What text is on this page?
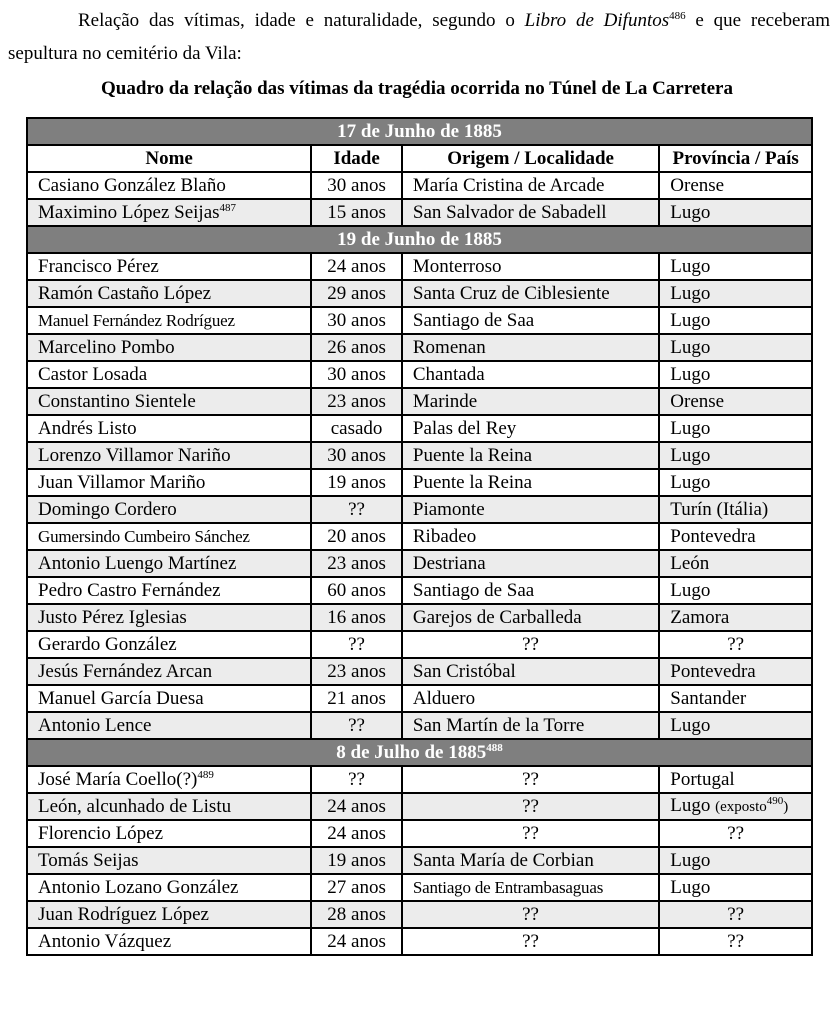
Relação das vítimas, idade e naturalidade, segundo o Libro de Difuntos$^{486}$ e que receberam sepultura no cemitério da Vila:
Quadro da relação das vítimas da tragédia ocorrida no Túnel de La Carretera
17 de Junho de 1885			
Nome	Idade	Origem / Localidade	Província / País
Casiano González Blaño	30 anos	María Cristina de Arcade	Orense
Maximino López Seijas$^{487}$	15 anos	San Salvador de Sabadell	Lugo
19 de Junho de 1885			
Francisco Pérez	24 anos	Monterroso	Lugo
Ramón Castaño López	29 anos	Santa Cruz de Ciblesiente	Lugo
Manuel Fernández Rodríguez	30 anos	Santiago de Saa	Lugo
Marcelino Pombo	26 anos	Romenan	Lugo
Castor Losada	30 anos	Chantada	Lugo
Constantino Sientele	23 anos	Marinde	Orense
Andrés Listo	casado	Palas del Rey	Lugo
Lorenzo Villamor Nariño	30 anos	Puente la Reina	Lugo
Juan Villamor Mariño	19 anos	Puente la Reina	Lugo
Domingo Cordero	??	Piamonte	Turín (Itália)
Gumersindo Cumbeiro Sánchez	20 anos	Ribadeo	Pontevedra
Antonio Luengo Martínez	23 anos	Destriana	León
Pedro Castro Fernández	60 anos	Santiago de Saa	Lugo
Justo Pérez Iglesias	16 anos	Garejos de Carballeda	Zamora
Gerardo González	??	??	??
Jesús Fernández Arcan	23 anos	San Cristóbal	Pontevedra
Manuel García Duesa	21 anos	Alduero	Santander
Antonio Lence	??	San Martín de la Torre	Lugo
8 de Julho de 1885$^{488}$
José María Coello(?)$^{489}$	??	??	Portugal
León, alcunhado de Listu	24 anos	??	Lugo (exposto$^{490}$)
Florencio López	24 anos	??	??
Tomás Seijas	19 anos	Santa María de Corbian	Lugo
Antonio Lozano González	27 anos	Santiago de Entrambasaguas	Lugo
Juan Rodríguez López	28 anos	??	??
Antonio Vázquez	24 anos	??	??
